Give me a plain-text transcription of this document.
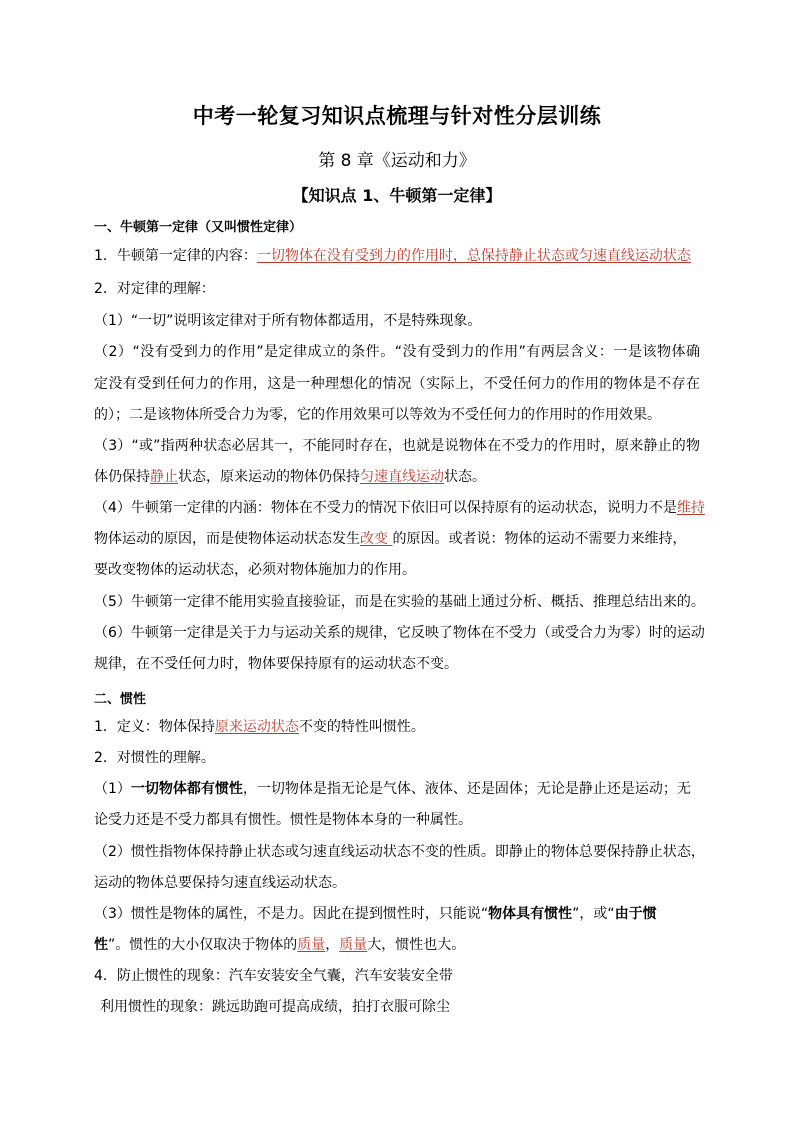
中考一轮复习知识点梳理与针对性分层训练
第 8 章《运动和力》
【知识点 1、牛顿第一定律】
一、牛顿第一定律（又叫惯性定律）
1．牛顿第一定律的内容：一切物体在没有受到力的作用时，总保持静止状态或匀速直线运动状态
2．对定律的理解：
（1）“一切”说明该定律对于所有物体都适用，不是特殊现象。
（2）“没有受到力的作用”是定律成立的条件。“没有受到力的作用”有两层含义：一是该物体确
定没有受到任何力的作用，这是一种理想化的情况（实际上，不受任何力的作用的物体是不存在
的）；二是该物体所受合力为零，它的作用效果可以等效为不受任何力的作用时的作用效果。
（3）“或”指两种状态必居其一，不能同时存在，也就是说物体在不受力的作用时，原来静止的物
体仍保持静止状态，原来运动的物体仍保持匀速直线运动状态。
（4）牛顿第一定律的内涵：物体在不受力的情况下依旧可以保持原有的运动状态，说明力不是维持
物体运动的原因，而是使物体运动状态发生改变 的原因。或者说：物体的运动不需要力来维持，
要改变物体的运动状态，必须对物体施加力的作用。
（5）牛顿第一定律不能用实验直接验证，而是在实验的基础上通过分析、概括、推理总结出来的。
（6）牛顿第一定律是关于力与运动关系的规律，它反映了物体在不受力（或受合力为零）时的运动
规律，在不受任何力时，物体要保持原有的运动状态不变。
二、惯性
1．定义：物体保持原来运动状态不变的特性叫惯性。
2．对惯性的理解。
（1）一切物体都有惯性，一切物体是指无论是气体、液体、还是固体；无论是静止还是运动；无
论受力还是不受力都具有惯性。惯性是物体本身的一种属性。
（2）惯性指物体保持静止状态或匀速直线运动状态不变的性质。即静止的物体总要保持静止状态，
运动的物体总要保持匀速直线运动状态。
（3）惯性是物体的属性，不是力。因此在提到惯性时，只能说“物体具有惯性”，或“由于惯
性”。惯性的大小仅取决于物体的质量，质量大，惯性也大。
4．防止惯性的现象：汽车安装安全气囊，汽车安装安全带
利用惯性的现象：跳远助跑可提高成绩，拍打衣服可除尘
